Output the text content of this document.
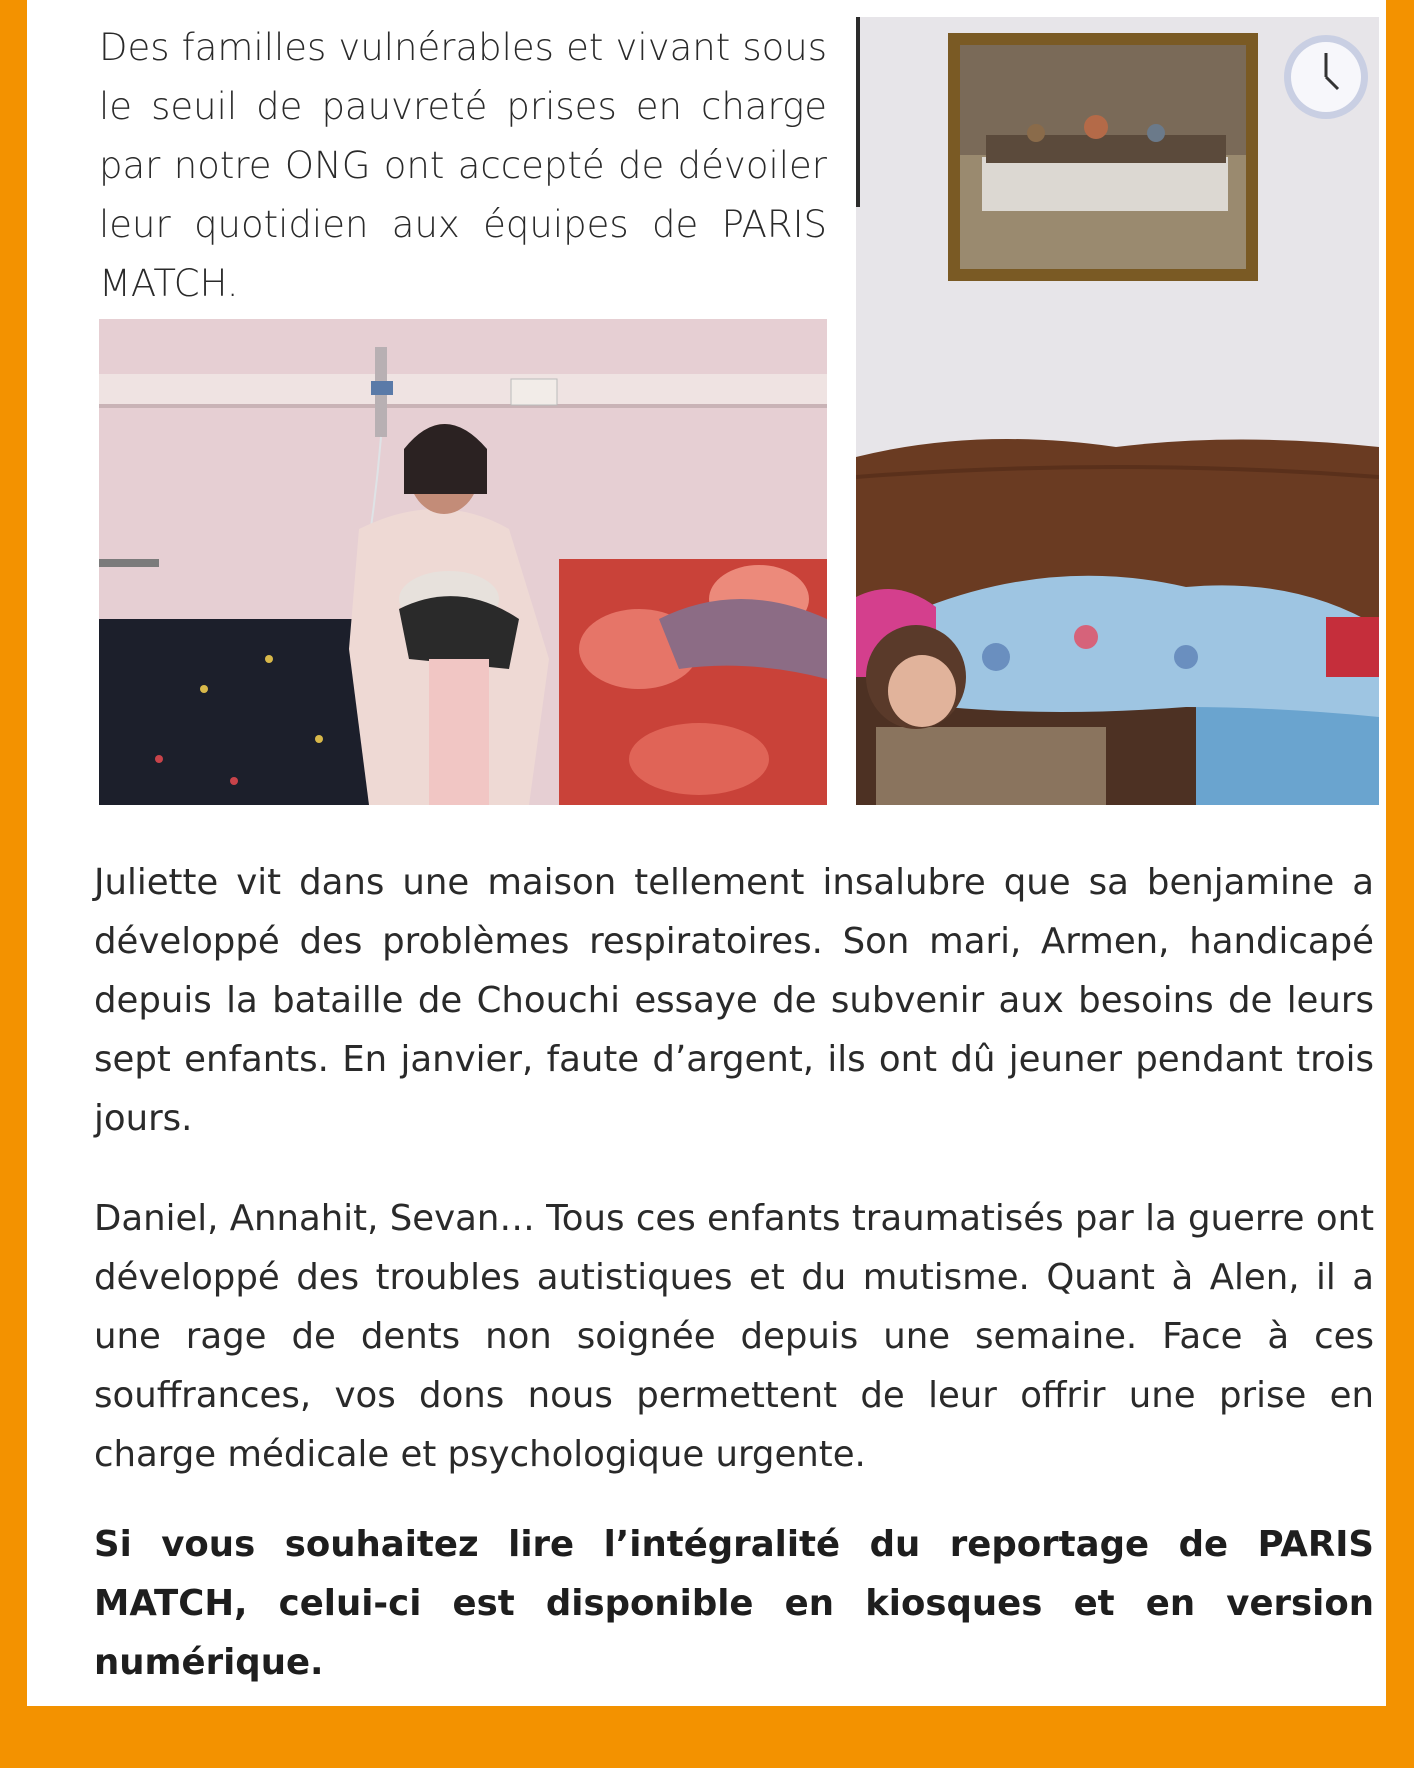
Des familles vulnérables et vivant sous le seuil de pauvreté prises en charge par notre ONG ont accepté de dévoiler leur quotidien aux équipes de PARIS MATCH.

Juliette vit dans une maison tellement insalubre que sa benjamine a développé des problèmes respiratoires. Son mari, Armen, handicapé depuis la bataille de Chouchi essaye de subvenir aux besoins de leurs sept enfants. En janvier, faute d’argent, ils ont dû jeuner pendant trois jours.

Daniel, Annahit, Sevan… Tous ces enfants traumatisés par la guerre ont développé des troubles autistiques et du mutisme. Quant à Alen, il a une rage de dents non soignée depuis une semaine. Face à ces souffrances, vos dons nous permettent de leur offrir une prise en charge médicale et psychologique urgente.

Si vous souhaitez lire l’intégralité du reportage de PARIS MATCH, celui-ci est disponible en kiosques et en version numérique.
